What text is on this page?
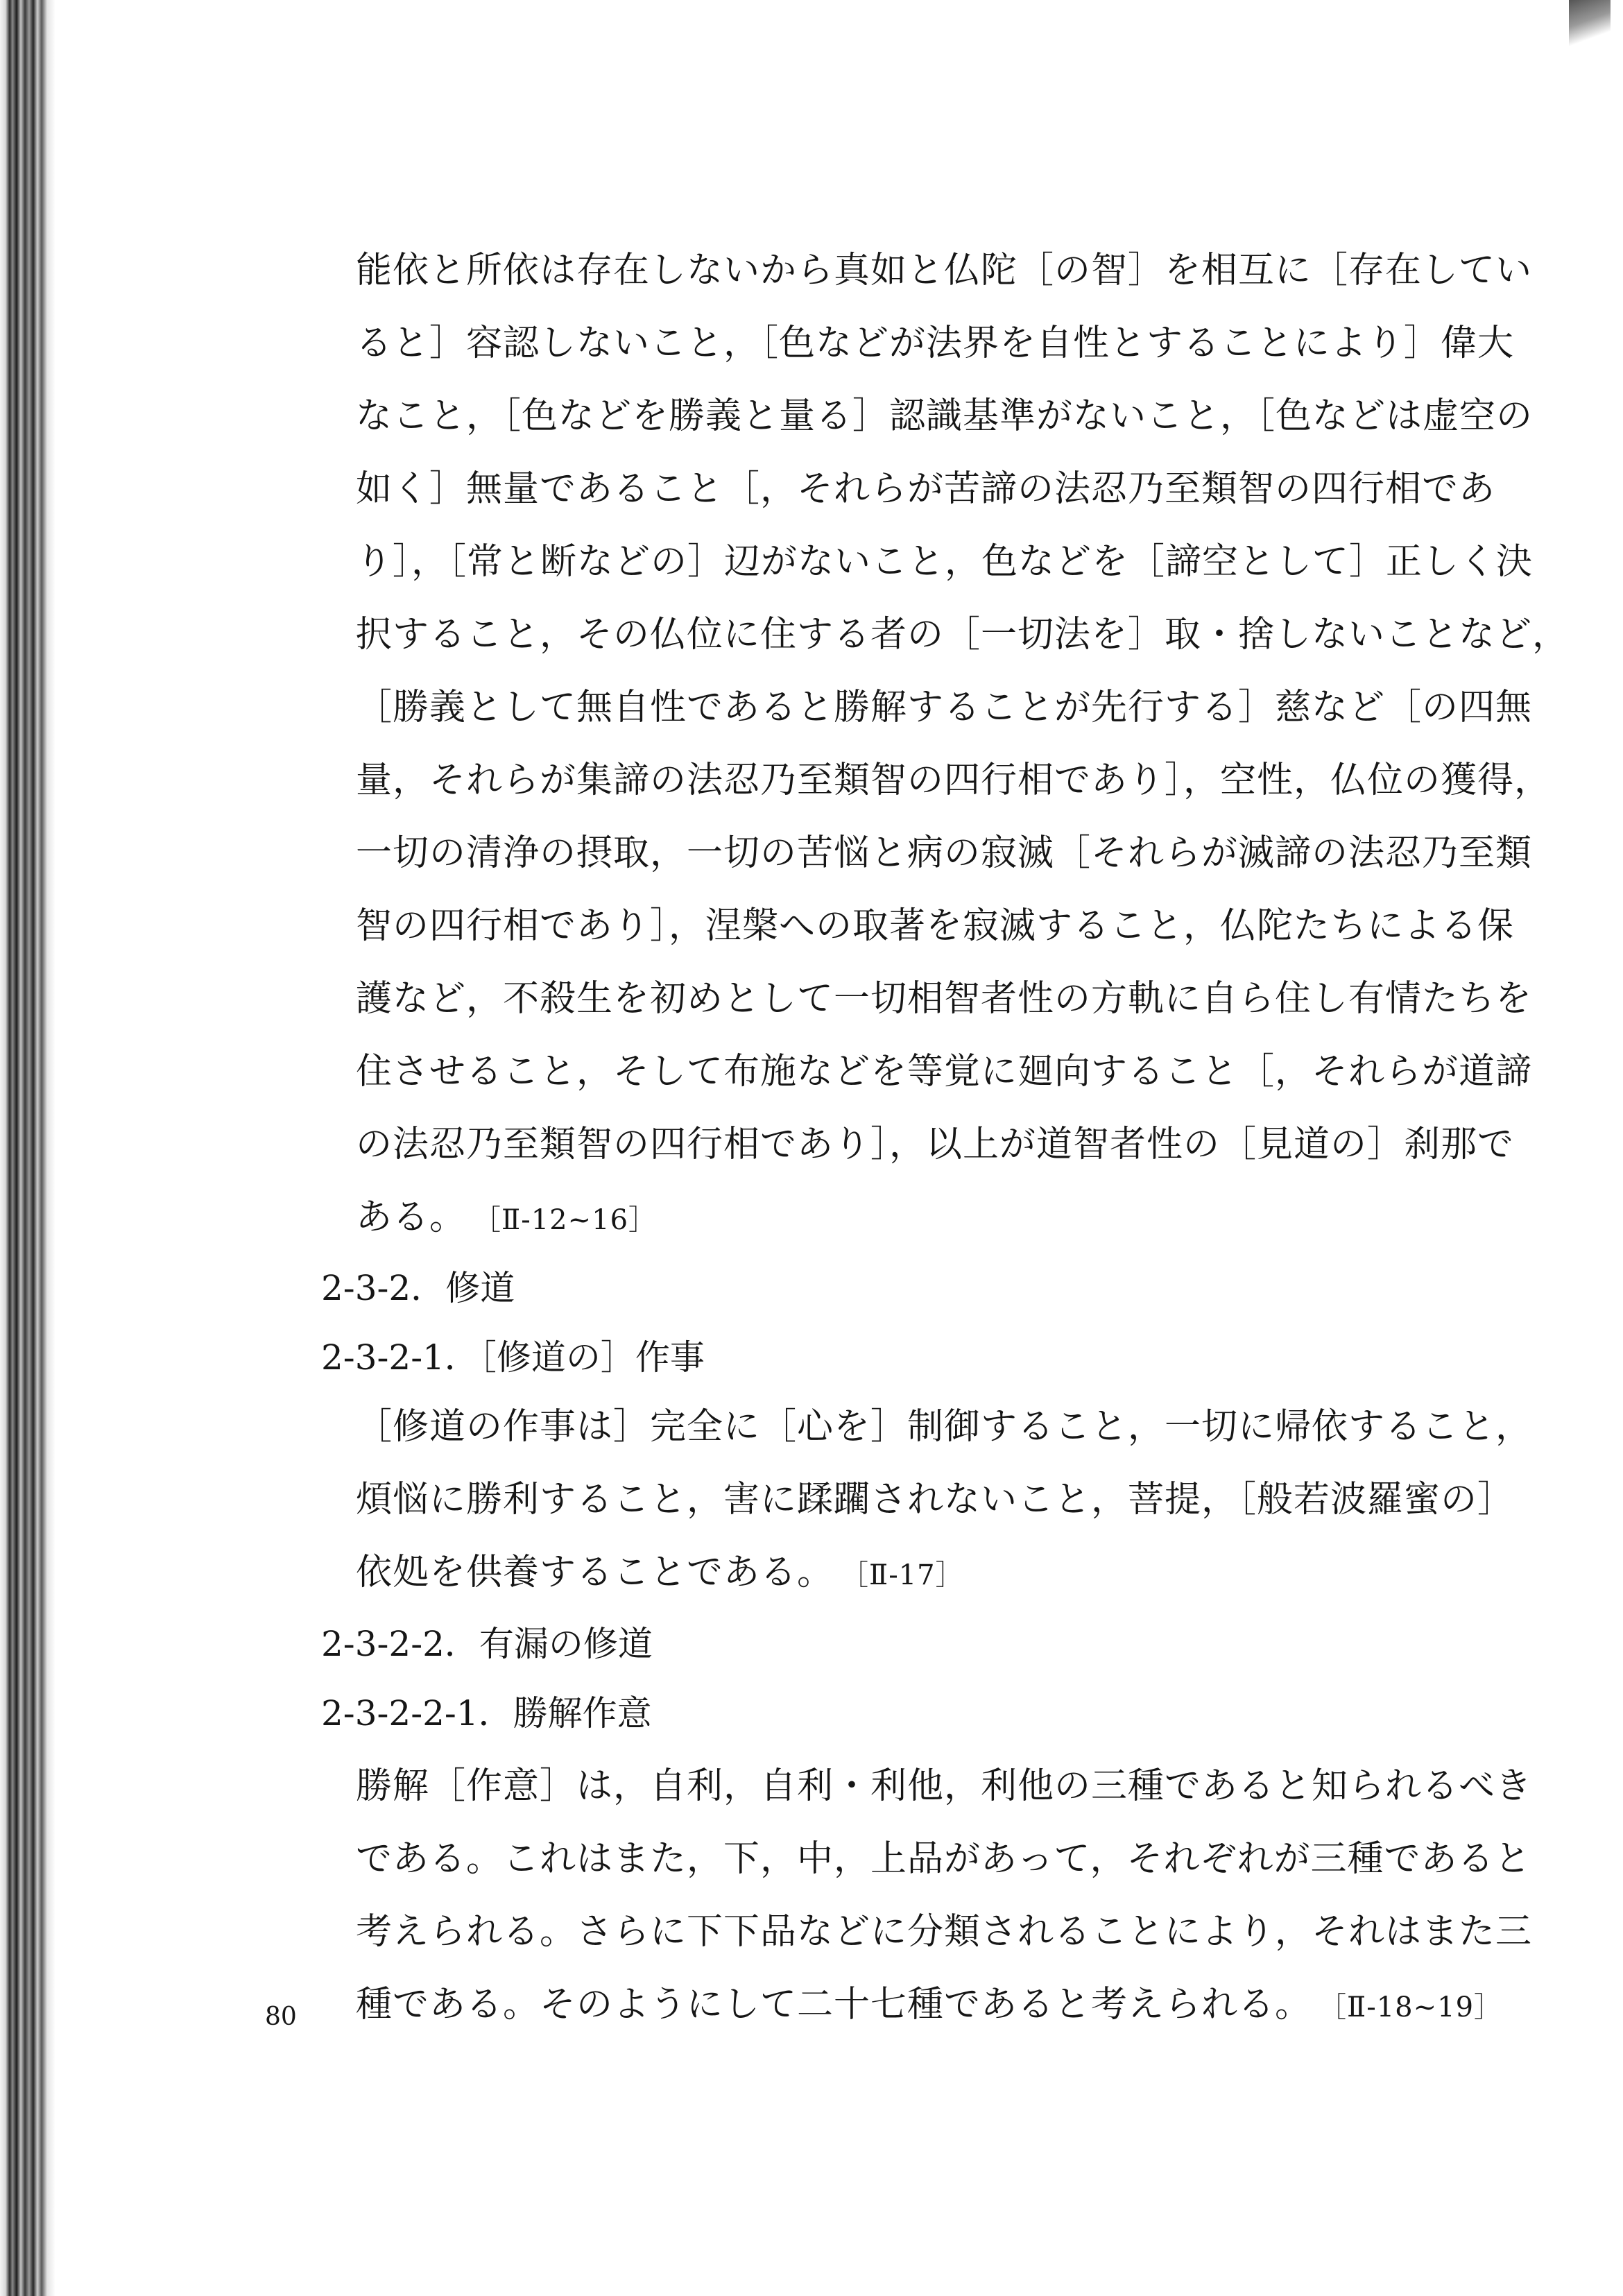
能依と所依は存在しないから真如と仏陀［の智］を相互に［存在してい
ると］容認しないこと，［色などが法界を自性とすることにより］偉大
なこと，［色などを勝義と量る］認識基準がないこと，［色などは虚空の
如く］無量であること［，それらが苦諦の法忍乃至類智の四行相であ
り］，［常と断などの］辺がないこと，色などを［諦空として］正しく決
択すること，その仏位に住する者の［一切法を］取・捨しないことなど，
［勝義として無自性であると勝解することが先行する］慈など［の四無
量，それらが集諦の法忍乃至類智の四行相であり］，空性，仏位の獲得，
一切の清浄の摂取，一切の苦悩と病の寂滅［それらが滅諦の法忍乃至類
智の四行相であり］，涅槃への取著を寂滅すること，仏陀たちによる保
護など，不殺生を初めとして一切相智者性の方軌に自ら住し有情たちを
住させること，そして布施などを等覚に廻向すること［，それらが道諦
の法忍乃至類智の四行相であり］，以上が道智者性の［見道の］刹那で
ある。 ［Ⅱ-12~16］
2-3-2．修道
2-3-2-1．［修道の］作事
［修道の作事は］完全に［心を］制御すること，一切に帰依すること，
煩悩に勝利すること，害に蹂躙されないこと，菩提，［般若波羅蜜の］
依処を供養することである。 ［Ⅱ-17］
2-3-2-2．有漏の修道
2-3-2-2-1．勝解作意
勝解［作意］は，自利，自利・利他，利他の三種であると知られるべき
である。これはまた，下，中，上品があって，それぞれが三種であると
考えられる。さらに下下品などに分類されることにより，それはまた三
種である。そのようにして二十七種であると考えられる。 ［Ⅱ-18~19］
80
